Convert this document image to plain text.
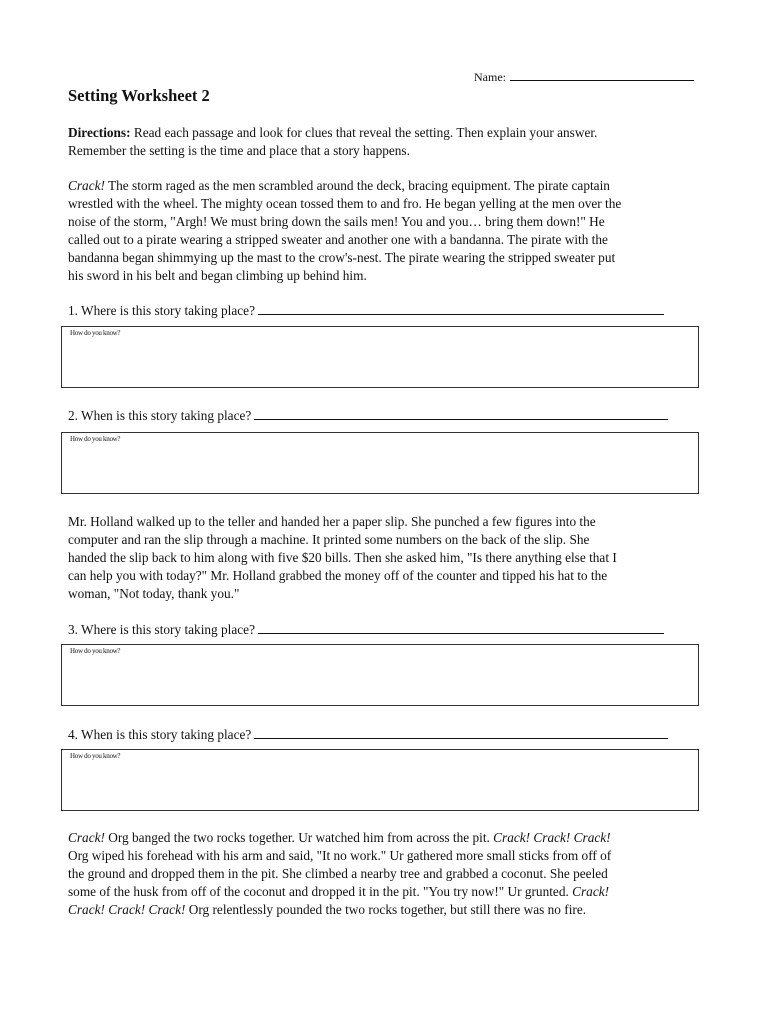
Name:
Setting Worksheet 2
Directions: Read each passage and look for clues that reveal the setting. Then explain your answer.
Remember the setting is the time and place that a story happens.
Crack! The storm raged as the men scrambled around the deck, bracing equipment. The pirate captain
wrestled with the wheel. The mighty ocean tossed them to and fro. He began yelling at the men over the
noise of the storm, "Argh! We must bring down the sails men! You and you… bring them down!" He
called out to a pirate wearing a stripped sweater and another one with a bandanna. The pirate with the
bandanna began shimmying up the mast to the crow's-nest. The pirate wearing the stripped sweater put
his sword in his belt and began climbing up behind him.
1. Where is this story taking place?
How do you know?
2. When is this story taking place?
How do you know?
Mr. Holland walked up to the teller and handed her a paper slip. She punched a few figures into the
computer and ran the slip through a machine. It printed some numbers on the back of the slip. She
handed the slip back to him along with five $20 bills. Then she asked him, "Is there anything else that I
can help you with today?" Mr. Holland grabbed the money off of the counter and tipped his hat to the
woman, "Not today, thank you."
3. Where is this story taking place?
How do you know?
4. When is this story taking place?
How do you know?
Crack! Org banged the two rocks together. Ur watched him from across the pit. Crack! Crack! Crack!
Org wiped his forehead with his arm and said, "It no work." Ur gathered more small sticks from off of
the ground and dropped them in the pit. She climbed a nearby tree and grabbed a coconut. She peeled
some of the husk from off of the coconut and dropped it in the pit. "You try now!" Ur grunted. Crack!
Crack! Crack! Crack! Org relentlessly pounded the two rocks together, but still there was no fire.
